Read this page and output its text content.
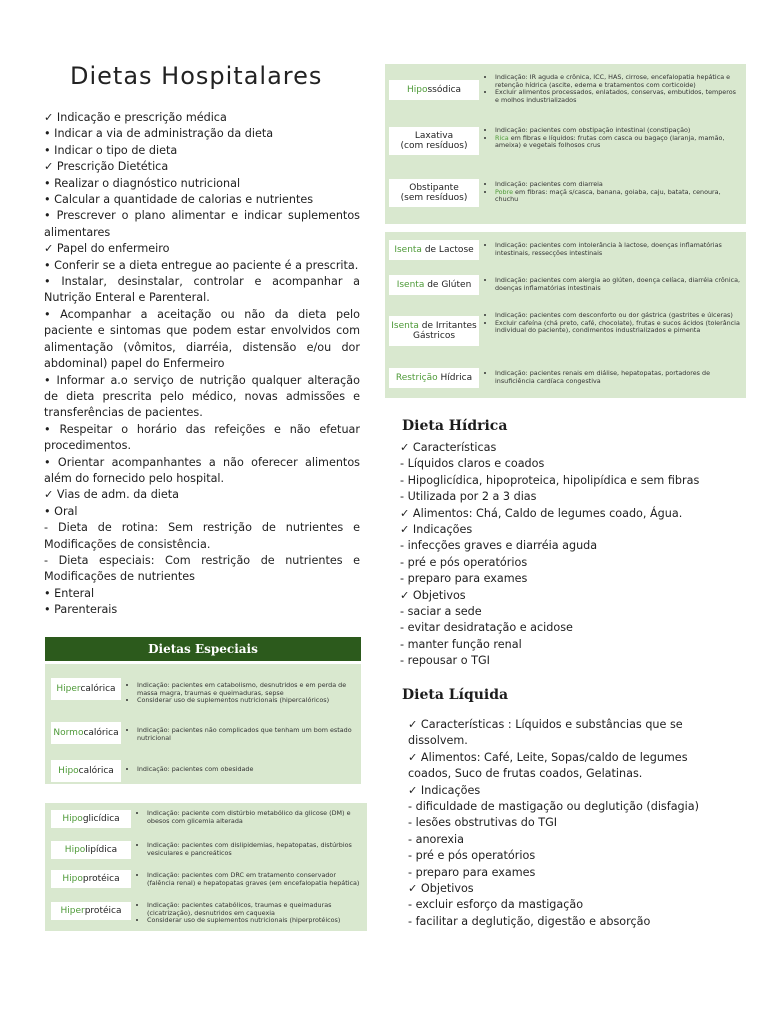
Dietas Hospitalares

✓ Indicação e prescrição médica

• Indicar a via de administração da dieta

• Indicar o tipo de dieta

✓ Prescrição Dietética

• Realizar o diagnóstico nutricional

• Calcular a quantidade de calorias e nutrientes

• Prescrever o plano alimentar e indicar suplementos alimentares

✓ Papel do enfermeiro

• Conferir se a dieta entregue ao paciente é a prescrita.

• Instalar, desinstalar, controlar e acompanhar a Nutrição Enteral e Parenteral.

• Acompanhar a aceitação ou não da dieta pelo paciente e sintomas que podem estar envolvidos com alimentação (vômitos, diarréia, distensão e/ou dor abdominal) papel do Enfermeiro

• Informar a.o serviço de nutrição qualquer alteração de dieta prescrita pelo médico, novas admissões e transferências de pacientes.

• Respeitar o horário das refeições e não efetuar procedimentos.

• Orientar acompanhantes a não oferecer alimentos além do fornecido pelo hospital.

✓ Vias de adm. da dieta

• Oral

- Dieta de rotina: Sem restrição de nutrientes e Modificações de consistência.

- Dieta especiais: Com restrição de nutrientes e Modificações de nutrientes

• Enteral

• Parenterais

Dietas Especiais
Hipercalórica	• Indicação: pacientes em catabolismo, desnutridos e em perda de massa magra, traumas e queimaduras, sepse
• Considerar uso de suplementos nutricionais (hipercalóricos)
Normocalórica	• Indicação: pacientes não complicados que tenham um bom estado nutricional
Hipocalórica	• Indicação: pacientes com obesidade
Hipoglicídica
• Indicação: paciente com distúrbio metabólico da glicose (DM) e obesos com glicemia alterada
Hipolipídica	• Indicação: pacientes com dislipidemias, hepatopatas, distúrbios vesiculares e pancreáticos
Hipoprotéica	• Indicação: pacientes com DRC em tratamento conservador (falência renal) e hepatopatas graves (em encefalopatia hepática)
Hiperprotéica
• Indicação: pacientes catabólicos, traumas e queimaduras (cicatrização), desnutridos em caquexia
• Considerar uso de suplementos nutricionais (hiperprotéicos)
Hipossódica
• Indicação: IR aguda e crônica, ICC, HAS, cirrose, encefalopatia hepática e retenção hídrica (ascite, edema e tratamentos com corticoide)
• Excluir alimentos processados, enlatados, conservas, embutidos, temperos e molhos industrializados
Laxativa
(com resíduos)
• Indicação: pacientes com obstipação intestinal (constipação)
• Rica em fibras e líquidos: frutas com casca ou bagaço (laranja, mamão, ameixa) e vegetais folhosos crus
Obstipante
(sem resíduos)
• Indicação: pacientes com diarreia
• Pobre em fibras: maçã s/casca, banana, goiaba, caju, batata, cenoura, chuchu
Isenta de Lactose	• Indicação: pacientes com intolerância à lactose, doenças inflamatórias intestinais, ressecções intestinais
Isenta de Glúten	• Indicação: pacientes com alergia ao glúten, doença celíaca, diarréia crônica, doenças inflamatórias intestinais
Isenta de Irritantes Gástricos
• Indicação: pacientes com desconforto ou dor gástrica (gastrites e úlceras)
• Excluir cafeína (chá preto, café, chocolate), frutas e sucos ácidos (tolerância individual do paciente), condimentos industrializados e pimenta
Restrição Hídrica	• Indicação: pacientes renais em diálise, hepatopatas, portadores de insuficiência cardíaca congestiva
Dieta Hídrica

✓ Características

- Líquidos claros e coados

- Hipoglicídica, hipoproteica, hipolipídica e sem fibras

- Utilizada por 2 a 3 dias

✓ Alimentos: Chá, Caldo de legumes coado, Água.

✓ Indicações

- infecções graves e diarréia aguda

- pré e pós operatórios

- preparo para exames

✓ Objetivos

- saciar a sede

- evitar desidratação e acidose

- manter função renal

- repousar o TGI

Dieta Líquida

✓ Características : Líquidos e substâncias que se dissolvem.

✓ Alimentos: Café, Leite, Sopas/caldo de legumes coados, Suco de frutas coados, Gelatinas.

✓ Indicações

- dificuldade de mastigação ou deglutição (disfagia)

- lesões obstrutivas do TGI

- anorexia

- pré e pós operatórios

- preparo para exames

✓ Objetivos

- excluir esforço da mastigação

- facilitar a deglutição, digestão e absorção
